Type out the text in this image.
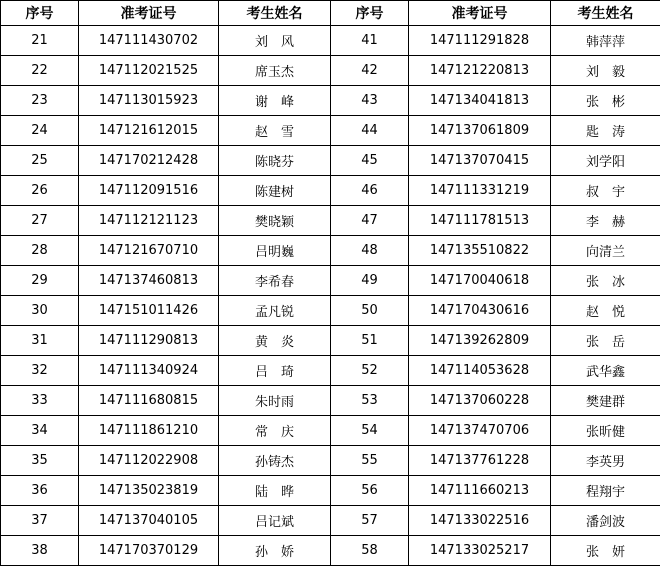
序号	准考证号	考生姓名	序号	准考证号	考生姓名
21	147111430702	刘　风	41	147111291828	韩萍萍
22	147112021525	席玉杰	42	147121220813	刘　毅
23	147113015923	谢　峰	43	147134041813	张　彬
24	147121612015	赵　雪	44	147137061809	匙　涛
25	147170212428	陈晓芬	45	147137070415	刘学阳
26	147112091516	陈建树	46	147111331219	叔　宇
27	147112121123	樊晓颖	47	147111781513	李　赫
28	147121670710	吕明巍	48	147135510822	向清兰
29	147137460813	李希春	49	147170040618	张　冰
30	147151011426	孟凡锐	50	147170430616	赵　悦
31	147111290813	黄　炎	51	147139262809	张　岳
32	147111340924	吕　琦	52	147114053628	武华鑫
33	147111680815	朱时雨	53	147137060228	樊建群
34	147111861210	常　庆	54	147137470706	张昕健
35	147112022908	孙铸杰	55	147137761228	李英男
36	147135023819	陆　晔	56	147111660213	程翔宇
37	147137040105	吕记斌	57	147133022516	潘剑波
38	147170370129	孙　娇	58	147133025217	张　妍
